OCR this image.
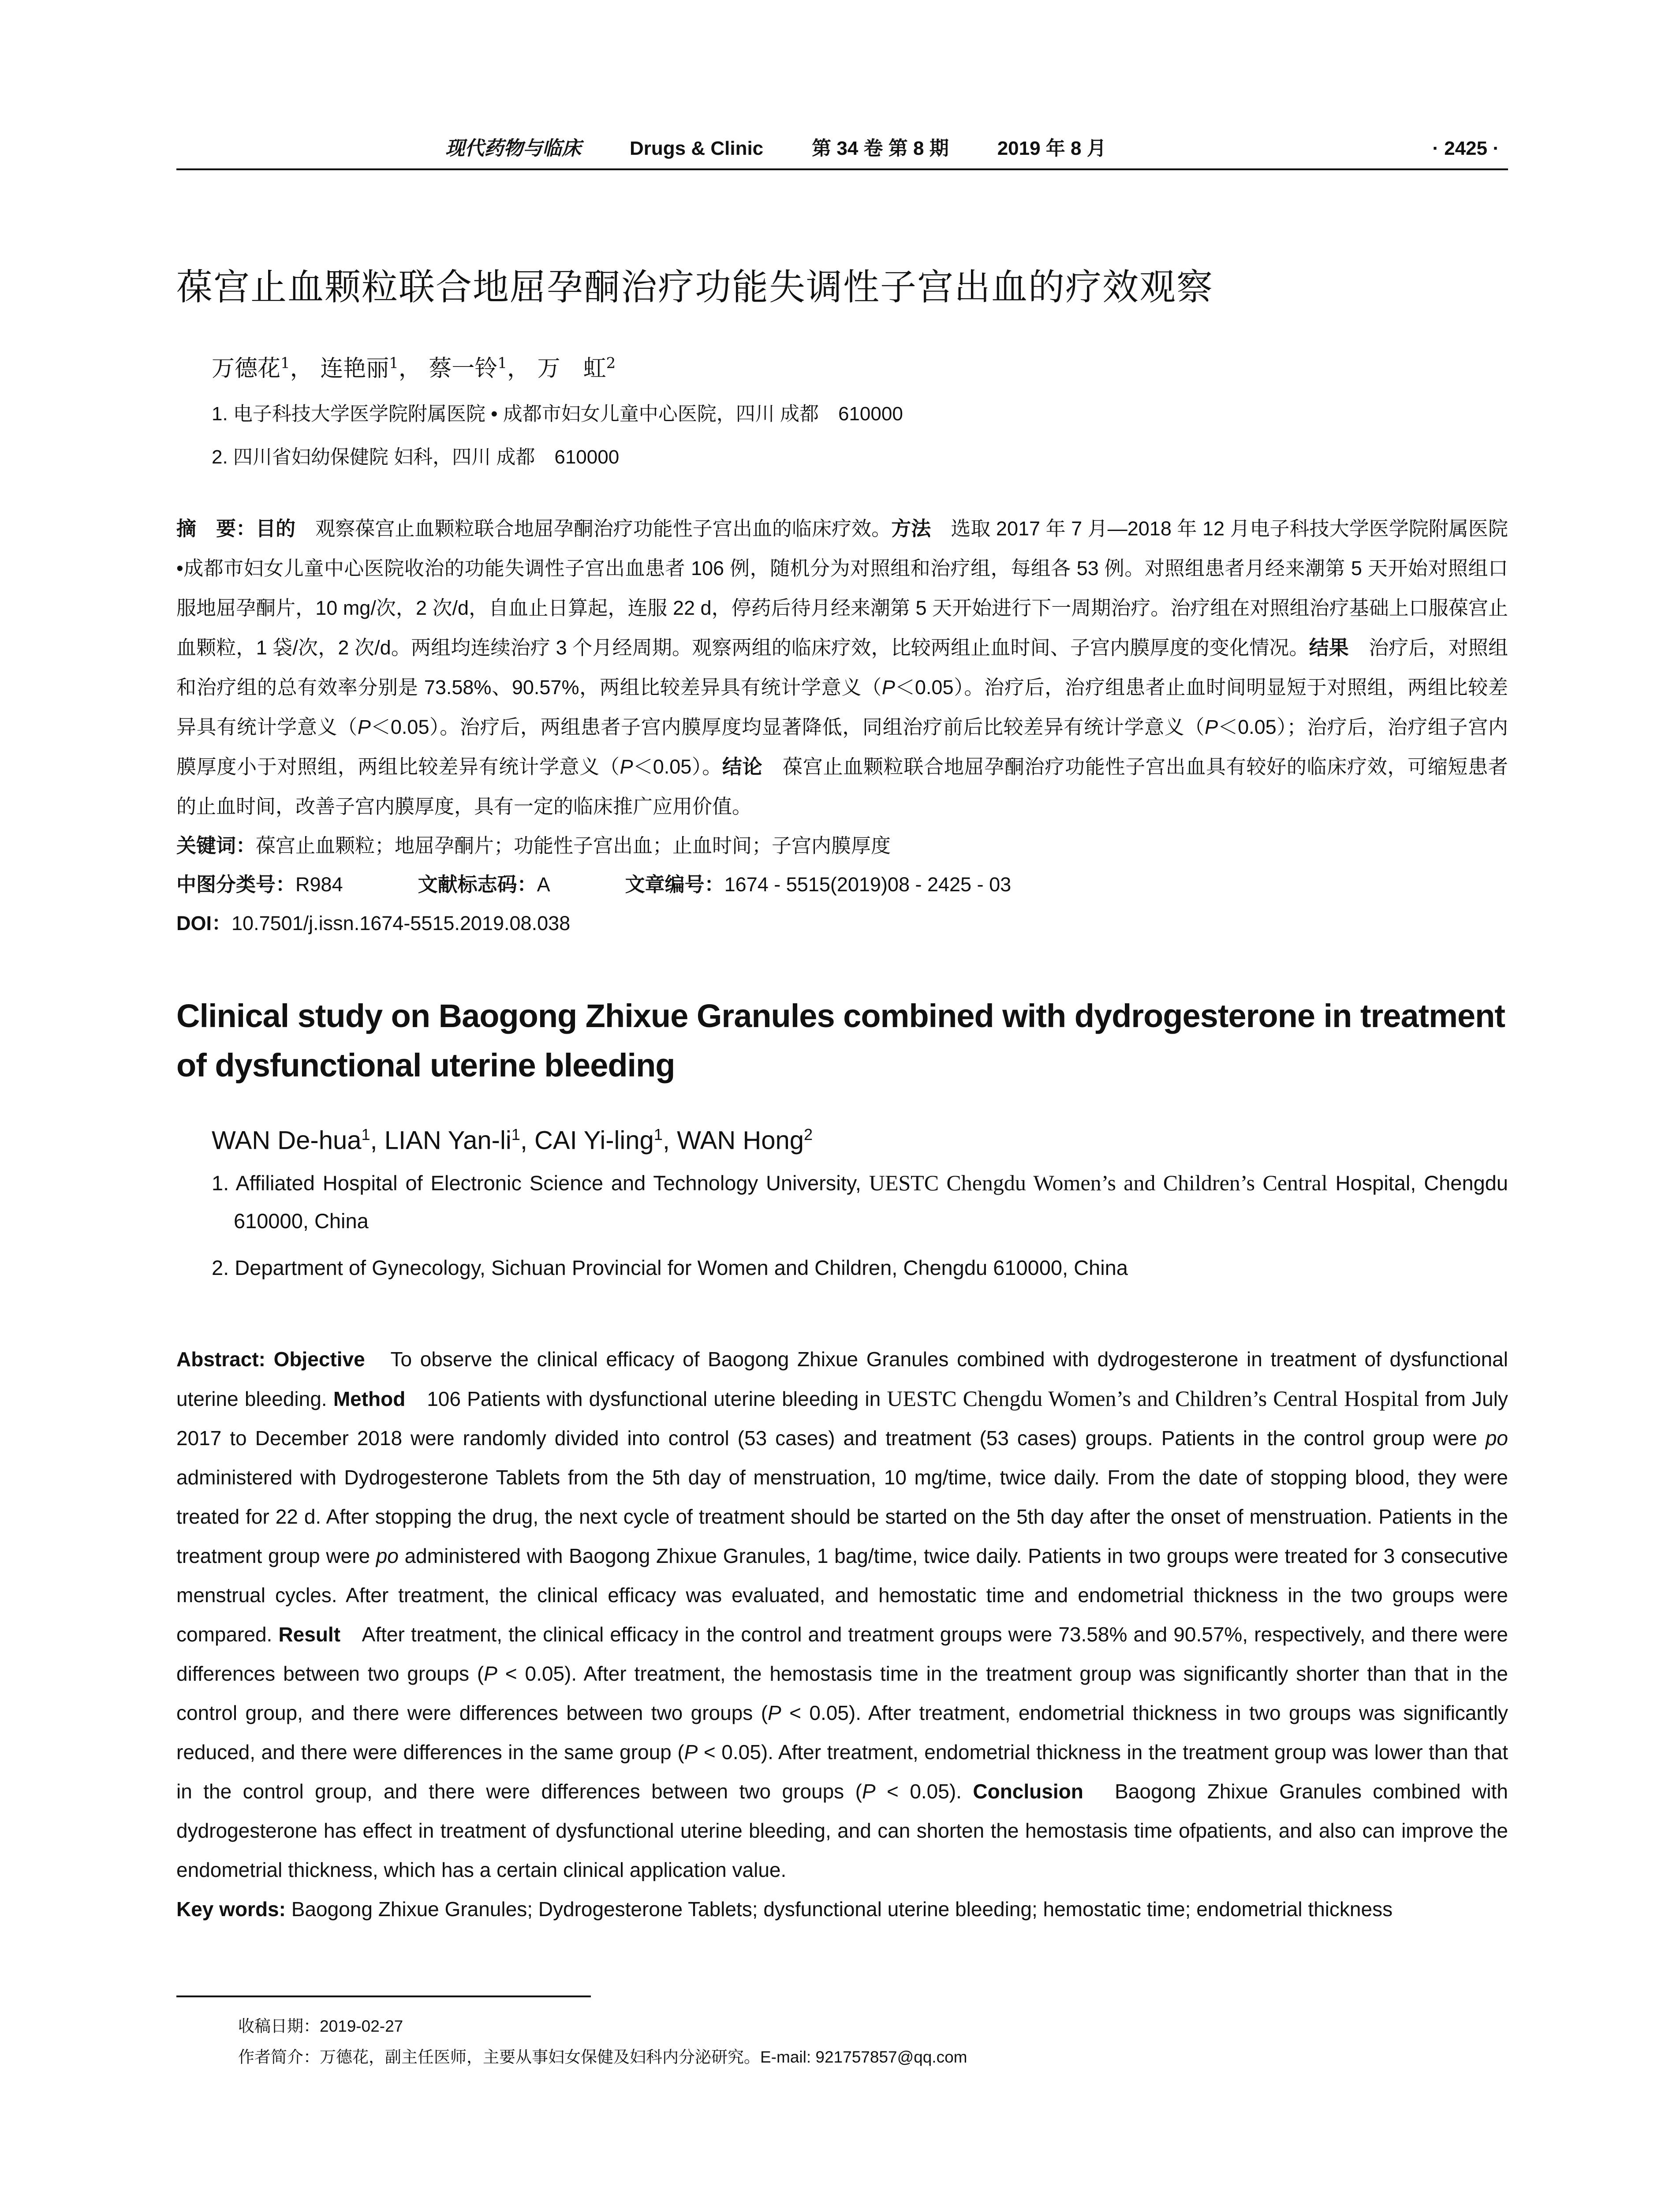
现代药物与临床	Drugs & Clinic	第 34 卷 第 8 期	2019 年 8 月	· 2425 ·
葆宫止血颗粒联合地屈孕酮治疗功能失调性子宫出血的疗效观察
万德花$^1$， 连艳丽$^1$， 蔡一铃$^1$， 万　虹$^2$
1. 电子科技大学医学院附属医院 • 成都市妇女儿童中心医院，四川 成都　610000
2. 四川省妇幼保健院 妇科，四川 成都　610000
摘　要：目的　观察葆宫止血颗粒联合地屈孕酮治疗功能性子宫出血的临床疗效。方法　选取 2017 年 7 月—2018 年 12 月电子科技大学医学院附属医院 •成都市妇女儿童中心医院收治的功能失调性子宫出血患者 106 例，随机分为对照组和治疗组，每组各 53 例。对照组患者月经来潮第 5 天开始对照组口服地屈孕酮片，10 mg/次，2 次/d，自血止日算起，连服 22 d，停药后待月经来潮第 5 天开始进行下一周期治疗。治疗组在对照组治疗基础上口服葆宫止血颗粒，1 袋/次，2 次/d。两组均连续治疗 3 个月经周期。观察两组的临床疗效，比较两组止血时间、子宫内膜厚度的变化情况。结果　治疗后，对照组和治疗组的总有效率分别是 73.58%、90.57%，两组比较差异具有统计学意义（P＜0.05）。治疗后，治疗组患者止血时间明显短于对照组，两组比较差异具有统计学意义（P＜0.05）。治疗后，两组患者子宫内膜厚度均显著降低，同组治疗前后比较差异有统计学意义（P＜0.05）；治疗后，治疗组子宫内膜厚度小于对照组，两组比较差异有统计学意义（P＜0.05）。结论　葆宫止血颗粒联合地屈孕酮治疗功能性子宫出血具有较好的临床疗效，可缩短患者的止血时间，改善子宫内膜厚度，具有一定的临床推广应用价值。
关键词：葆宫止血颗粒；地屈孕酮片；功能性子宫出血；止血时间；子宫内膜厚度
中图分类号：R984	文献标志码：A	文章编号：1674 - 5515(2019)08 - 2425 - 03
DOI： 10.7501/j.issn.1674-5515.2019.08.038
Clinical study on Baogong Zhixue Granules combined with dydrogesterone in treatment of dysfunctional uterine bleeding
WAN De-hua$^1$, LIAN Yan-$li^1$, CAI Yi-ling$^1$, WAN Hong$^2$
1. Affiliated Hospital of Electronic Science and Technology University, UESTC Chengdu Women’s and Children’s Central Hospital, Chengdu 610000, China
2. Department of Gynecology, Sichuan Provincial for Women and Children, Chengdu 610000, China
Abstract: Objective　To observe the clinical efficacy of Baogong Zhixue Granules combined with dydrogesterone in treatment of dysfunctional uterine bleeding. Method　106 Patients with dysfunctional uterine bleeding in UESTC Chengdu Women’s and Children’s Central Hospital from July 2017 to December 2018 were randomly divided into control (53 cases) and treatment (53 cases) groups. Patients in the control group were po administered with Dydrogesterone Tablets from the 5th day of menstruation, 10 mg/time, twice daily. From the date of stopping blood, they were treated for 22 d. After stopping the drug, the next cycle of treatment should be started on the 5th day after the onset of menstruation. Patients in the treatment group were po administered with Baogong Zhixue Granules, 1 bag/time, twice daily. Patients in two groups were treated for 3 consecutive menstrual cycles. After treatment, the clinical efficacy was evaluated, and hemostatic time and endometrial thickness in the two groups were compared. Result　After treatment, the clinical efficacy in the control and treatment groups were 73.58% and 90.57%, respectively, and there were differences between two groups (P < 0.05). After treatment, the hemostasis time in the treatment group was significantly shorter than that in the control group, and there were differences between two groups (P < 0.05). After treatment, endometrial thickness in two groups was significantly reduced, and there were differences in the same group (P < 0.05). After treatment, endometrial thickness in the treatment group was lower than that in the control group, and there were differences between two groups (P < 0.05). Conclusion　Baogong Zhixue Granules combined with dydrogesterone has effect in treatment of dysfunctional uterine bleeding, and can shorten the hemostasis time ofpatients, and also can improve the endometrial thickness, which has a certain clinical application value.
Key words: Baogong Zhixue Granules; Dydrogesterone Tablets; dysfunctional uterine bleeding; hemostatic time; endometrial thickness
收稿日期：2019-02-27
作者简介：万德花，副主任医师，主要从事妇女保健及妇科内分泌研究。E-mail: 921757857@qq.com
